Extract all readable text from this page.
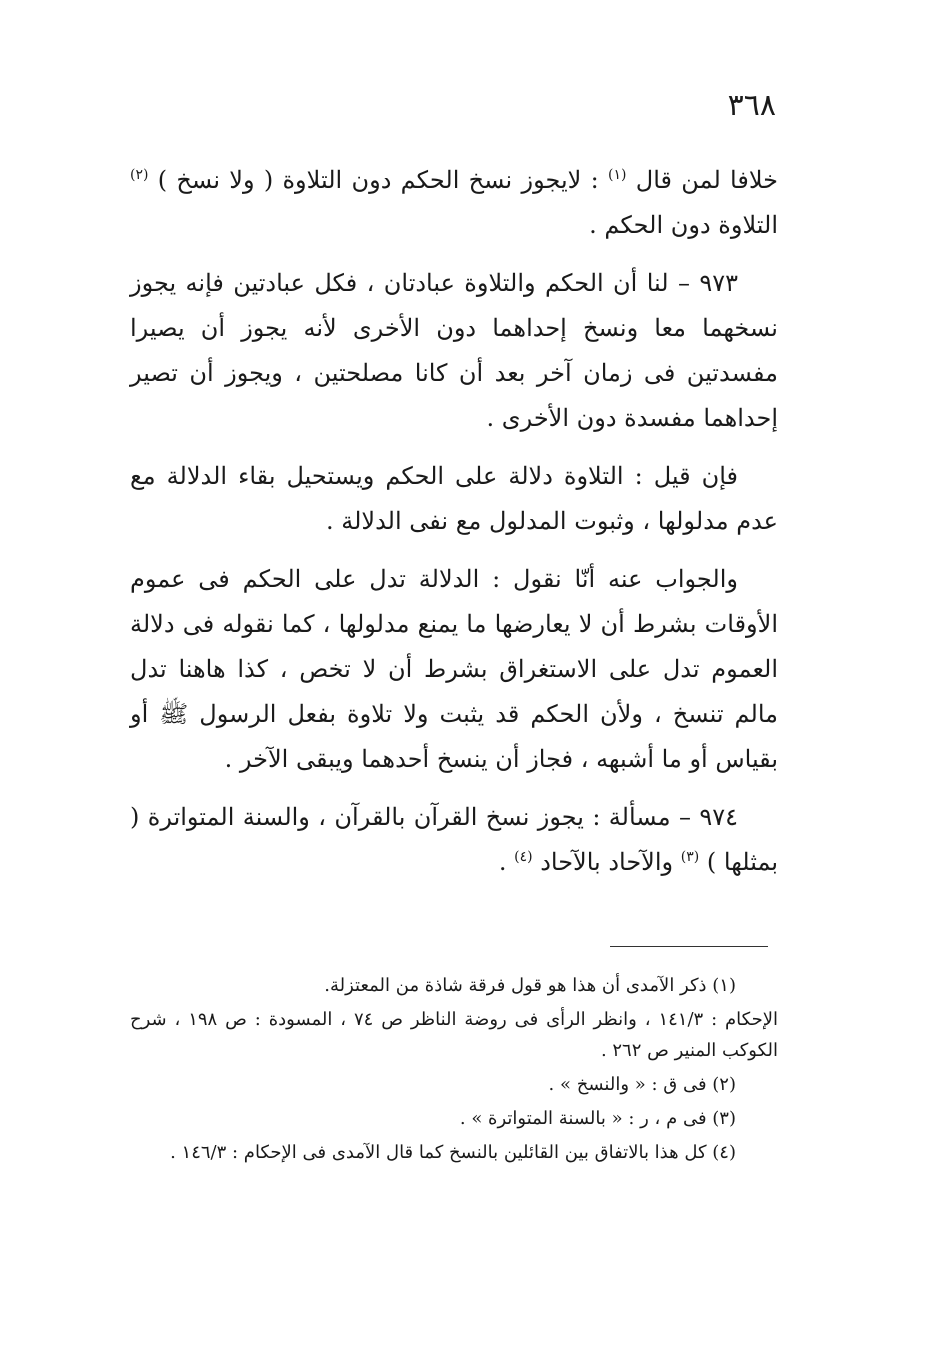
٣٦٨

خلافا لمن قال $^{(١)}$ : لايجوز نسخ الحكم دون التلاوة ( ولا نسخ ) $^{(٢)}$ التلاوة دون الحكم .

٩٧٣ – لنا أن الحكم والتلاوة عبادتان ، فكل عبادتين فإنه يجوز نسخهما معا ونسخ إحداهما دون الأخرى لأنه يجوز أن يصيرا مفسدتين فى زمان آخر بعد أن كانا مصلحتين ، ويجوز أن تصير إحداهما مفسدة دون الأخرى .

فإن قيل : التلاوة دلالة على الحكم ويستحيل بقاء الدلالة مع عدم مدلولها ، وثبوت المدلول مع نفى الدلالة .

والجواب عنه أنّا نقول : الدلالة تدل على الحكم فى عموم الأوقات بشرط أن لا يعارضها ما يمنع مدلولها ، كما نقوله فى دلالة العموم تدل على الاستغراق بشرط أن لا تخص ، كذا هاهنا تدل مالم تنسخ ، ولأن الحكم قد يثبت ولا تلاوة بفعل الرسول ﷺ أو بقياس أو ما أشبهه ، فجاز أن ينسخ أحدهما ويبقى الآخر .

٩٧٤ – مسألة : يجوز نسخ القرآن بالقرآن ، والسنة المتواترة ( بمثلها ) $^{(٣)}$ والآحاد بالآحاد $^{(٤)}$ .

(١) ذكر الآمدى أن هذا هو قول فرقة شاذة من المعتزلة.

الإحكام : ١٤١/٣ ، وانظر الرأى فى روضة الناظر ص ٧٤ ، المسودة : ص ١٩٨ ، شرح الكوكب المنير ص ٢٦٢ .

(٢) فى ق : « والنسخ » .

(٣) فى م ، ر : « بالسنة المتواترة » .

(٤) كل هذا بالاتفاق بين القائلين بالنسخ كما قال الآمدى فى الإحكام : ١٤٦/٣ .
